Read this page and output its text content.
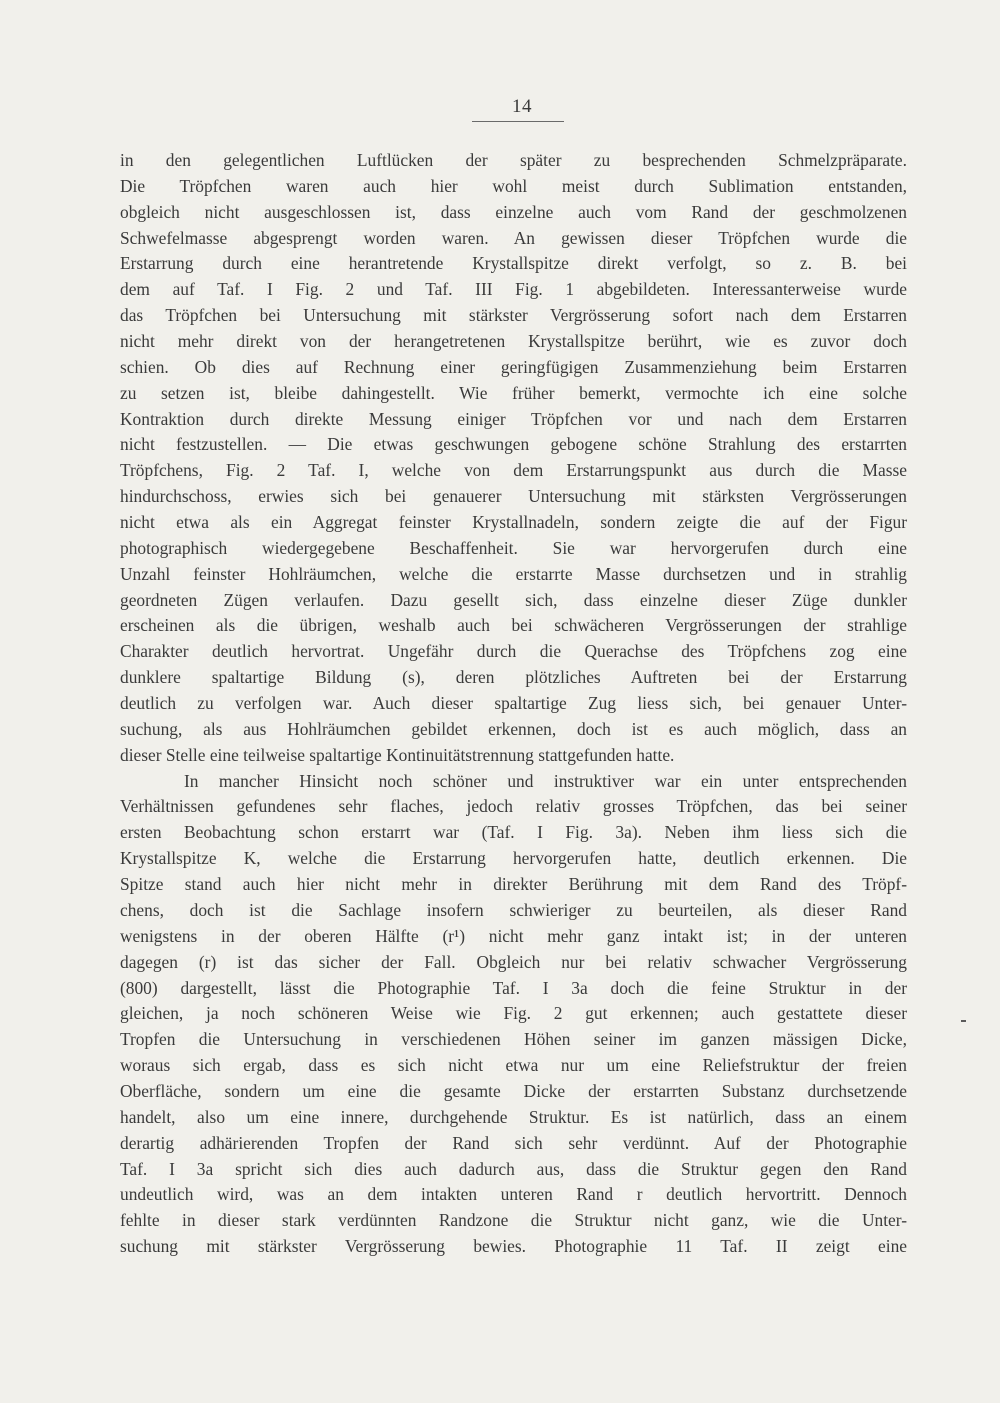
14
in den gelegentlichen Luftlücken der später zu besprechenden Schmelzpräparate.
Die Tröpfchen waren auch hier wohl meist durch Sublimation entstanden,
obgleich nicht ausgeschlossen ist, dass einzelne auch vom Rand der geschmolzenen
Schwefelmasse abgesprengt worden waren. An gewissen dieser Tröpfchen wurde die
Erstarrung durch eine herantretende Krystallspitze direkt verfolgt, so z. B. bei
dem auf Taf. I Fig. 2 und Taf. III Fig. 1 abgebildeten. Interessanterweise wurde
das Tröpfchen bei Untersuchung mit stärkster Vergrösserung sofort nach dem Erstarren
nicht mehr direkt von der herangetretenen Krystallspitze berührt, wie es zuvor doch
schien. Ob dies auf Rechnung einer geringfügigen Zusammenziehung beim Erstarren
zu setzen ist, bleibe dahingestellt. Wie früher bemerkt, vermochte ich eine solche
Kontraktion durch direkte Messung einiger Tröpfchen vor und nach dem Erstarren
nicht festzustellen. — Die etwas geschwungen gebogene schöne Strahlung des erstarrten
Tröpfchens, Fig. 2 Taf. I, welche von dem Erstarrungspunkt aus durch die Masse
hindurchschoss, erwies sich bei genauerer Untersuchung mit stärksten Vergrösserungen
nicht etwa als ein Aggregat feinster Krystallnadeln, sondern zeigte die auf der Figur
photographisch wiedergegebene Beschaffenheit. Sie war hervorgerufen durch eine
Unzahl feinster Hohlräumchen, welche die erstarrte Masse durchsetzen und in strahlig
geordneten Zügen verlaufen. Dazu gesellt sich, dass einzelne dieser Züge dunkler
erscheinen als die übrigen, weshalb auch bei schwächeren Vergrösserungen der strahlige
Charakter deutlich hervortrat. Ungefähr durch die Querachse des Tröpfchens zog eine
dunklere spaltartige Bildung (s), deren plötzliches Auftreten bei der Erstarrung
deutlich zu verfolgen war. Auch dieser spaltartige Zug liess sich, bei genauer Unter-
suchung, als aus Hohlräumchen gebildet erkennen, doch ist es auch möglich, dass an
dieser Stelle eine teilweise spaltartige Kontinuitätstrennung stattgefunden hatte.
In mancher Hinsicht noch schöner und instruktiver war ein unter entsprechenden
Verhältnissen gefundenes sehr flaches, jedoch relativ grosses Tröpfchen, das bei seiner
ersten Beobachtung schon erstarrt war (Taf. I Fig. 3a). Neben ihm liess sich die
Krystallspitze K, welche die Erstarrung hervorgerufen hatte, deutlich erkennen. Die
Spitze stand auch hier nicht mehr in direkter Berührung mit dem Rand des Tröpf-
chens, doch ist die Sachlage insofern schwieriger zu beurteilen, als dieser Rand
wenigstens in der oberen Hälfte (r¹) nicht mehr ganz intakt ist; in der unteren
dagegen (r) ist das sicher der Fall. Obgleich nur bei relativ schwacher Vergrösserung
(800) dargestellt, lässt die Photographie Taf. I 3a doch die feine Struktur in der
gleichen, ja noch schöneren Weise wie Fig. 2 gut erkennen; auch gestattete dieser
Tropfen die Untersuchung in verschiedenen Höhen seiner im ganzen mässigen Dicke,
woraus sich ergab, dass es sich nicht etwa nur um eine Reliefstruktur der freien
Oberfläche, sondern um eine die gesamte Dicke der erstarrten Substanz durchsetzende
handelt, also um eine innere, durchgehende Struktur. Es ist natürlich, dass an einem
derartig adhärierenden Tropfen der Rand sich sehr verdünnt. Auf der Photographie
Taf. I 3a spricht sich dies auch dadurch aus, dass die Struktur gegen den Rand
undeutlich wird, was an dem intakten unteren Rand r deutlich hervortritt. Dennoch
fehlte in dieser stark verdünnten Randzone die Struktur nicht ganz, wie die Unter-
suchung mit stärkster Vergrösserung bewies. Photographie 11 Taf. II zeigt eine
